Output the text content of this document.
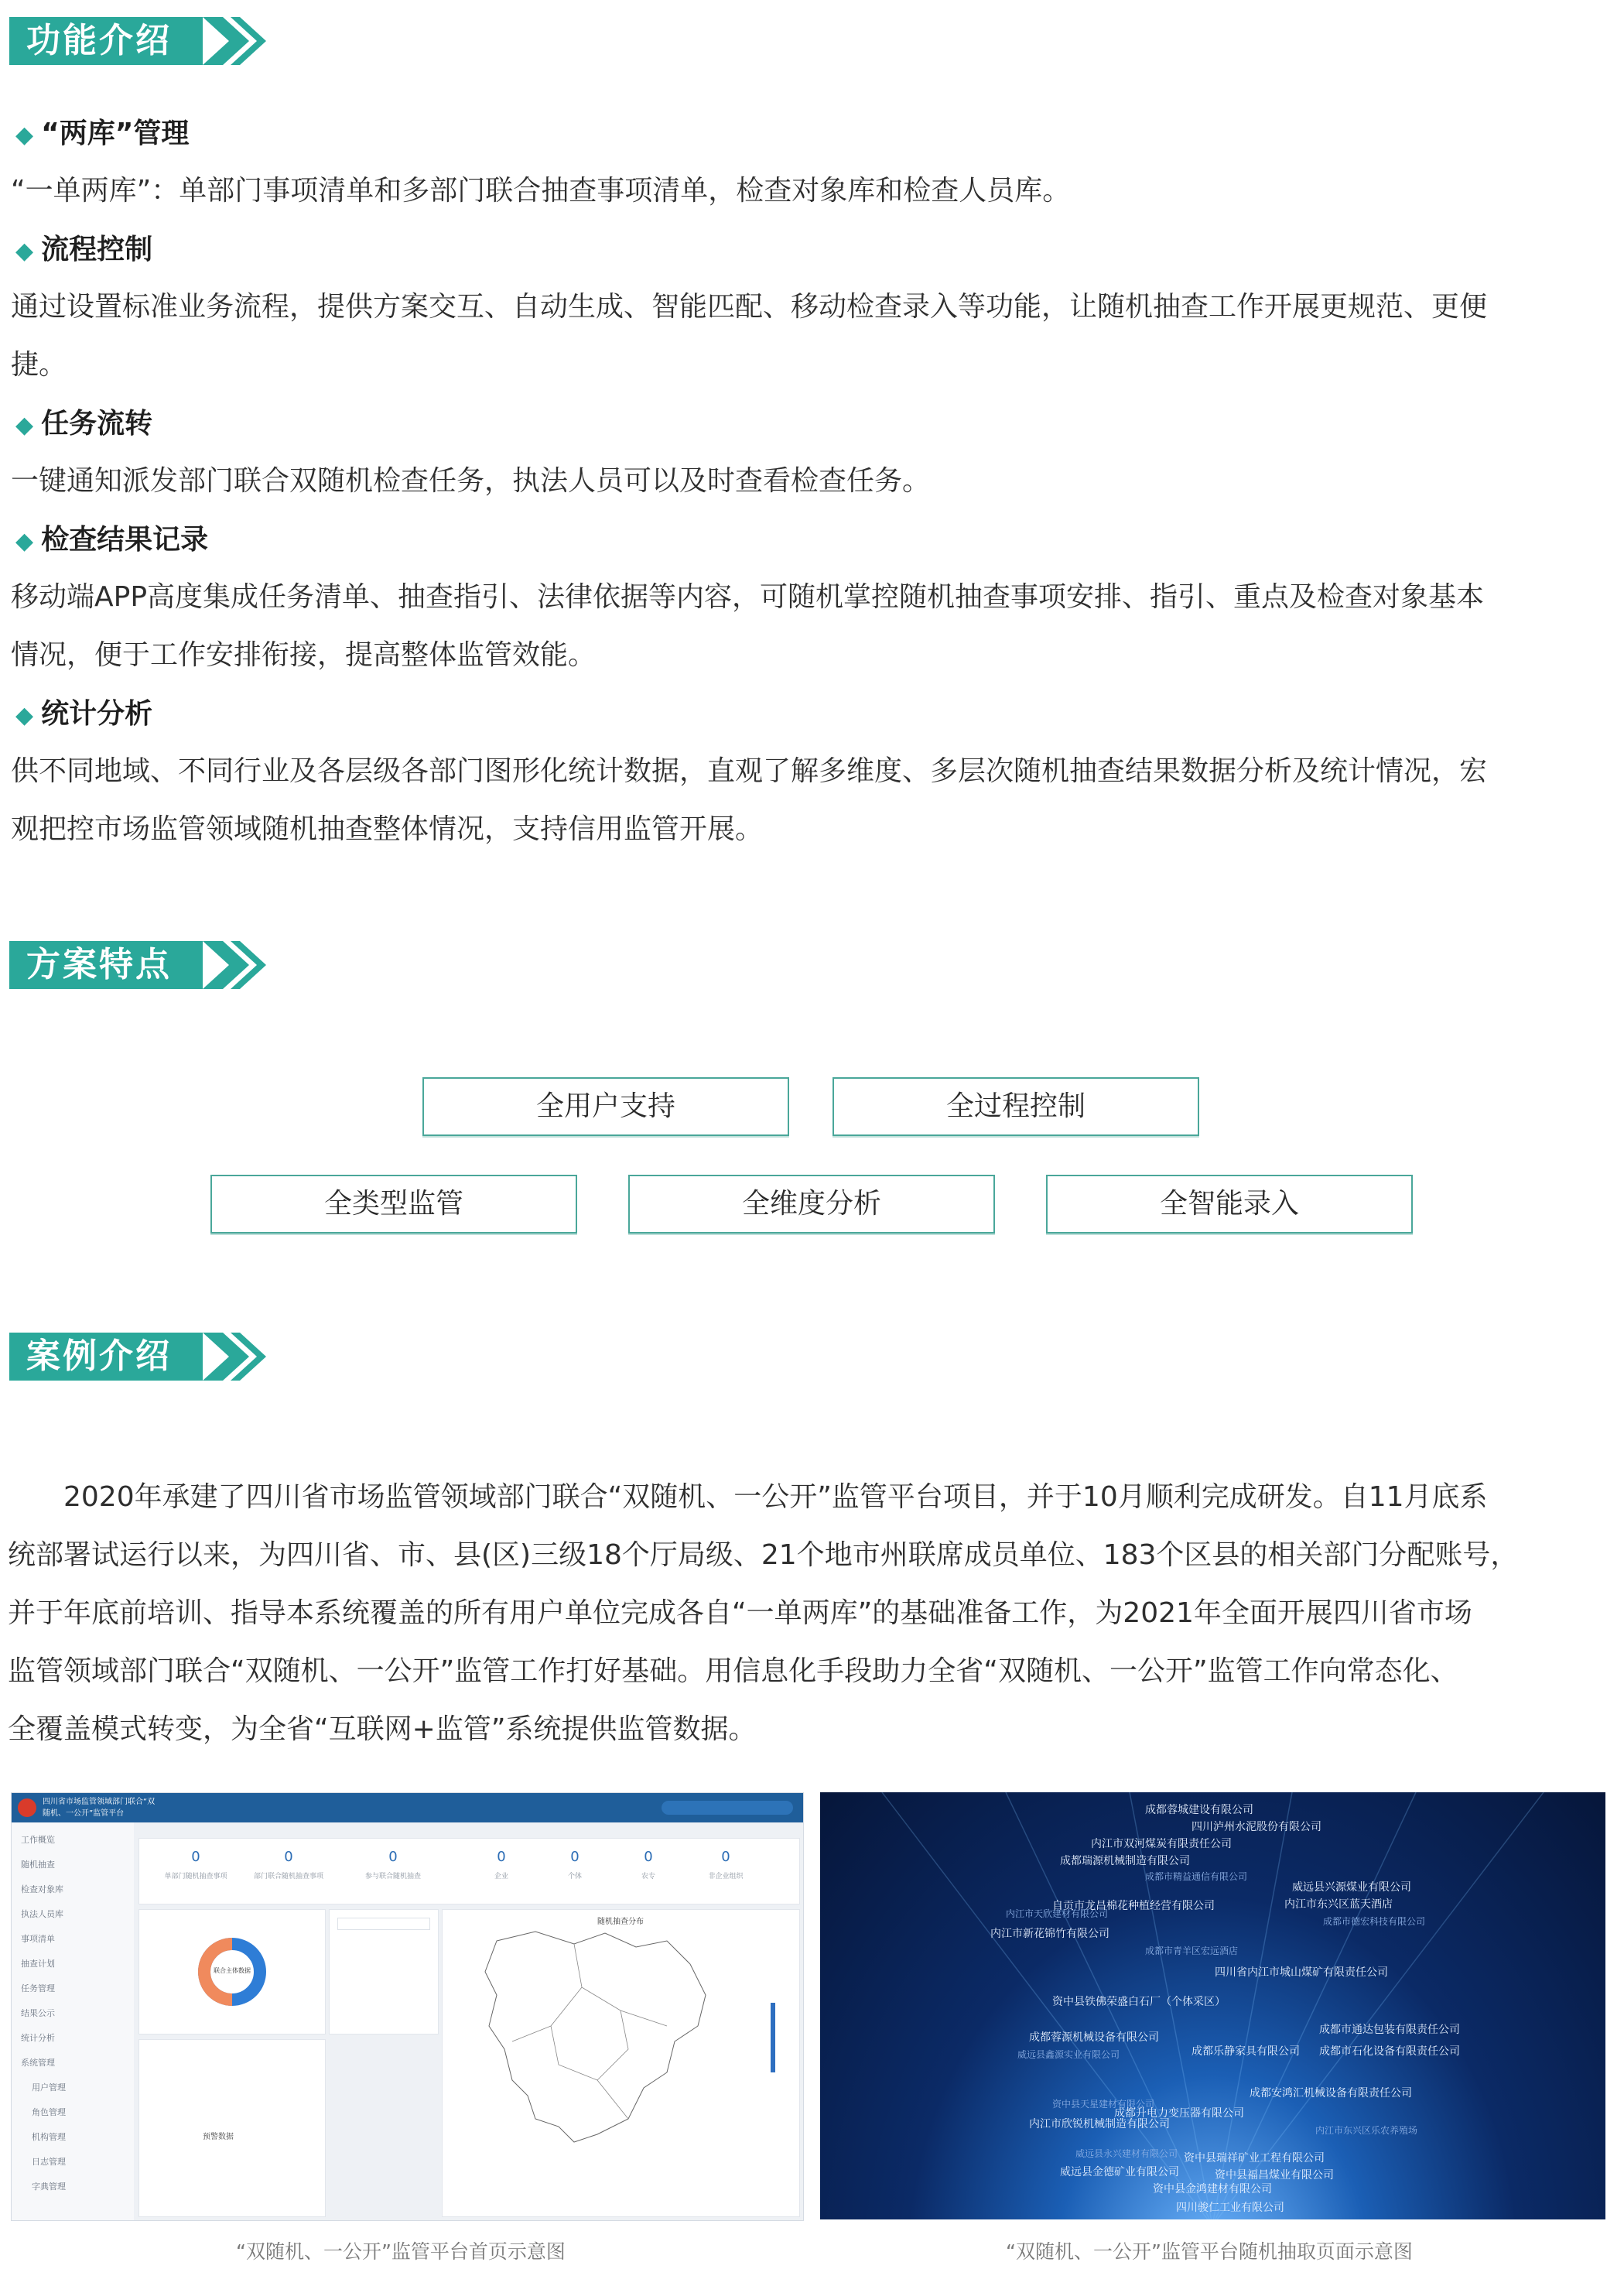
功能介绍
◆ “两库”管理
“一单两库”：单部门事项清单和多部门联合抽查事项清单，检查对象库和检查人员库。
◆ 流程控制
通过设置标准业务流程，提供方案交互、自动生成、智能匹配、移动检查录入等功能，让随机抽查工作开展更规范、更便
捷。
◆ 任务流转
一键通知派发部门联合双随机检查任务，执法人员可以及时查看检查任务。
◆ 检查结果记录
移动端APP高度集成任务清单、抽查指引、法律依据等内容，可随机掌控随机抽查事项安排、指引、重点及检查对象基本
情况，便于工作安排衔接，提高整体监管效能。
◆ 统计分析
供不同地域、不同行业及各层级各部门图形化统计数据，直观了解多维度、多层次随机抽查结果数据分析及统计情况，宏
观把控市场监管领域随机抽查整体情况，支持信用监管开展。
方案特点
全用户支持	全过程控制
全类型监管	全维度分析	全智能录入
案例介绍
　　2020年承建了四川省市场监管领域部门联合“双随机、一公开”监管平台项目，并于10月顺利完成研发。自11月底系
统部署试运行以来，为四川省、市、县(区)三级18个厅局级、21个地市州联席成员单位、183个区县的相关部门分配账号，
并于年底前培训、指导本系统覆盖的所有用户单位完成各自“一单两库”的基础准备工作，为2021年全面开展四川省市场
监管领域部门联合“双随机、一公开”监管工作打好基础。用信息化手段助力全省“双随机、一公开”监管工作向常态化、
全覆盖模式转变，为全省“互联网+监管”系统提供监管数据。
四川省市场监管领域部门联合“双随机、一公开”监管平台
工作概览
随机抽查
检查对象库
执法人员库
事项清单
抽查计划
任务管理
结果公示
统计分析
系统管理
用户管理
角色管理
机构管理
日志管理
字典管理
0
单部门随机抽查事项
0
部门联合随机抽查事项
0
参与联合随机抽查
0
企业
0
个体
0
农专
0
非企业组织
联合主体数据
预警数据
随机抽查分布
“双随机、一公开”监管平台首页示意图
成都蓉城建设有限公司
四川泸州水泥股份有限公司
内江市双河煤炭有限责任公司
成都瑞源机械制造有限公司
成都市精益通信有限公司
威远县兴源煤业有限公司
内江市东兴区蓝天酒店
内江市天欣建材有限公司
成都市德宏科技有限公司
自贡市龙昌棉花种植经营有限公司
内江市新花锦竹有限公司
成都市青羊区宏远酒店
四川省内江市城山煤矿有限责任公司
资中县铁佛荣盛白石厂（个体采区）
成都市通达包装有限责任公司
成都市石化设备有限责任公司
成都蓉源机械设备有限公司
成都乐静家具有限公司
威远县鑫源实业有限公司
成都安鸿汇机械设备有限责任公司
资中县天星建材有限公司
成都升电力变压器有限公司
内江市欣锐机械制造有限公司
威远县永兴建材有限公司 资中县瑞祥矿业工程有限公司
威远县金德矿业有限公司	资中县福昌煤业有限公司
内江市东兴区乐农养殖场
资中县金鸿建材有限公司
四川骏仁工业有限公司
“双随机、一公开”监管平台随机抽取页面示意图
